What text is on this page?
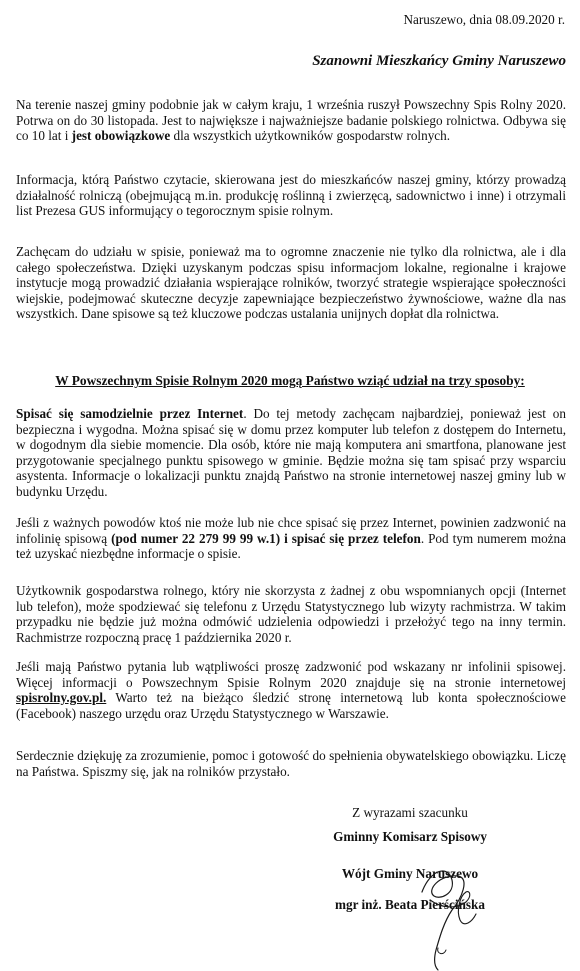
Naruszewo, dnia 08.09.2020 r.
Szanowni Mieszkańcy Gminy Naruszewo
Na terenie naszej gminy podobnie jak w całym kraju, 1 września ruszył Powszechny Spis Rolny 2020. Potrwa on do 30 listopada. Jest to największe i najważniejsze badanie polskiego rolnictwa. Odbywa się co 10 lat i jest obowiązkowe dla wszystkich użytkowników gospodarstw rolnych.
Informacja, którą Państwo czytacie, skierowana jest do mieszkańców naszej gminy, którzy prowadzą działalność rolniczą (obejmującą m.in. produkcję roślinną i zwierzęcą, sadownictwo i inne) i otrzymali list Prezesa GUS informujący o tegorocznym spisie rolnym.
Zachęcam do udziału w spisie, ponieważ ma to ogromne znaczenie nie tylko dla rolnictwa, ale i dla całego społeczeństwa. Dzięki uzyskanym podczas spisu informacjom lokalne, regionalne i krajowe instytucje mogą prowadzić działania wspierające rolników, tworzyć strategie wspierające społeczności wiejskie, podejmować skuteczne decyzje zapewniające bezpieczeństwo żywnościowe, ważne dla nas wszystkich. Dane spisowe są też kluczowe podczas ustalania unijnych dopłat dla rolnictwa.
W Powszechnym Spisie Rolnym 2020 mogą Państwo wziąć udział na trzy sposoby:
Spisać się samodzielnie przez Internet. Do tej metody zachęcam najbardziej, ponieważ jest on bezpieczna i wygodna. Można spisać się w domu przez komputer lub telefon z dostępem do Internetu, w dogodnym dla siebie momencie. Dla osób, które nie mają komputera ani smartfona, planowane jest przygotowanie specjalnego punktu spisowego w gminie. Będzie można się tam spisać przy wsparciu asystenta. Informacje o lokalizacji punktu znajdą Państwo na stronie internetowej naszej gminy lub w budynku Urzędu.
Jeśli z ważnych powodów ktoś nie może lub nie chce spisać się przez Internet, powinien zadzwonić na infolinię spisową (pod numer 22 279 99 99 w.1) i spisać się przez telefon. Pod tym numerem można też uzyskać niezbędne informacje o spisie.
Użytkownik gospodarstwa rolnego, który nie skorzysta z żadnej z obu wspomnianych opcji (Internet lub telefon), może spodziewać się telefonu z Urzędu Statystycznego lub wizyty rachmistrza. W takim przypadku nie będzie już można odmówić udzielenia odpowiedzi i przełożyć tego na inny termin. Rachmistrze rozpoczną pracę 1 października 2020 r.
Jeśli mają Państwo pytania lub wątpliwości proszę zadzwonić pod wskazany nr infolinii spisowej. Więcej informacji o Powszechnym Spisie Rolnym 2020 znajduje się na stronie internetowej spisrolny.gov.pl. Warto też na bieżąco śledzić stronę internetową lub konta społecznościowe (Facebook) naszego urzędu oraz Urzędu Statystycznego w Warszawie.
Serdecznie dziękuję za zrozumienie, pomoc i gotowość do spełnienia obywatelskiego obowiązku. Liczę na Państwa. Spiszmy się, jak na rolników przystało.
Z wyrazami szacunku
Gminny Komisarz Spisowy
Wójt Gminy Naruszewo
mgr inż. Beata Pierścińska
